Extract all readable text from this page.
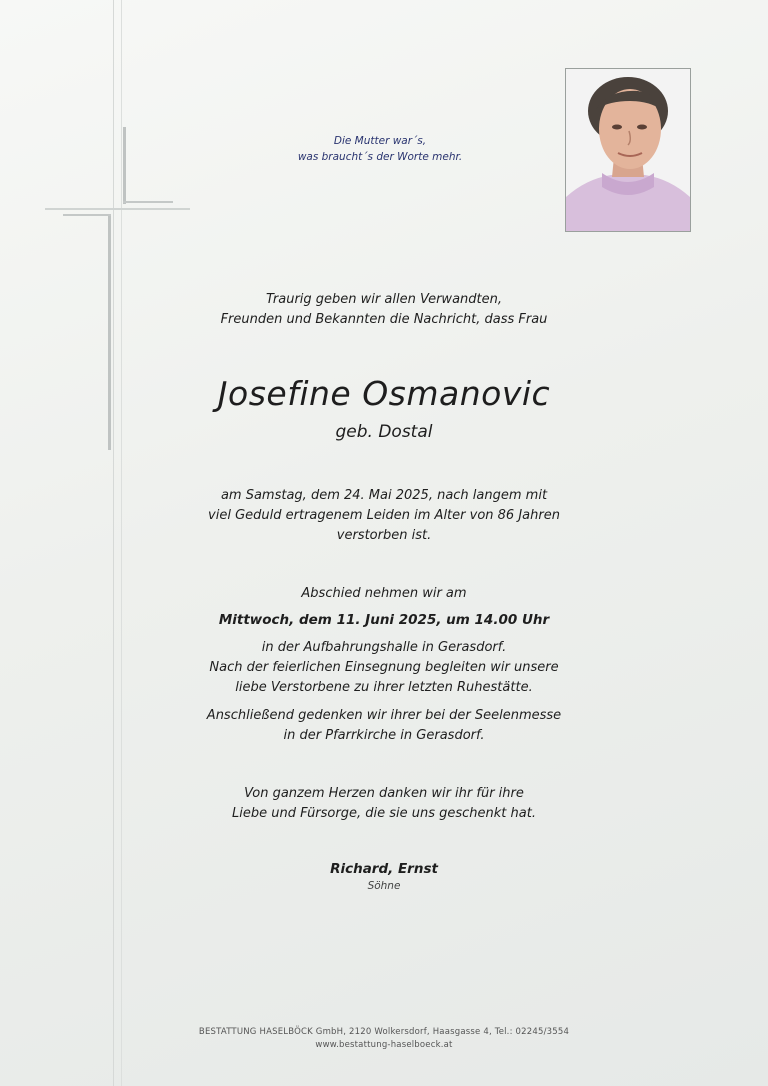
Die Mutter war´s,
was braucht´s der Worte mehr.
Traurig geben wir allen Verwandten,
Freunden und Bekannten die Nachricht, dass Frau
Josefine Osmanovic
geb. Dostal
am Samstag, dem 24. Mai 2025, nach langem mit
viel Geduld ertragenem Leiden im Alter von 86 Jahren
verstorben ist.
Abschied nehmen wir am
Mittwoch, dem 11. Juni 2025, um 14.00 Uhr
in der Aufbahrungshalle in Gerasdorf.
Nach der feierlichen Einsegnung begleiten wir unsere
liebe Verstorbene zu ihrer letzten Ruhestätte.
Anschließend gedenken wir ihrer bei der Seelenmesse
in der Pfarrkirche in Gerasdorf.
Von ganzem Herzen danken wir ihr für ihre
Liebe und Fürsorge, die sie uns geschenkt hat.
Richard, Ernst
Söhne
BESTATTUNG HASELBÖCK GmbH, 2120 Wolkersdorf, Haasgasse 4, Tel.: 02245/3554
www.bestattung-haselboeck.at
